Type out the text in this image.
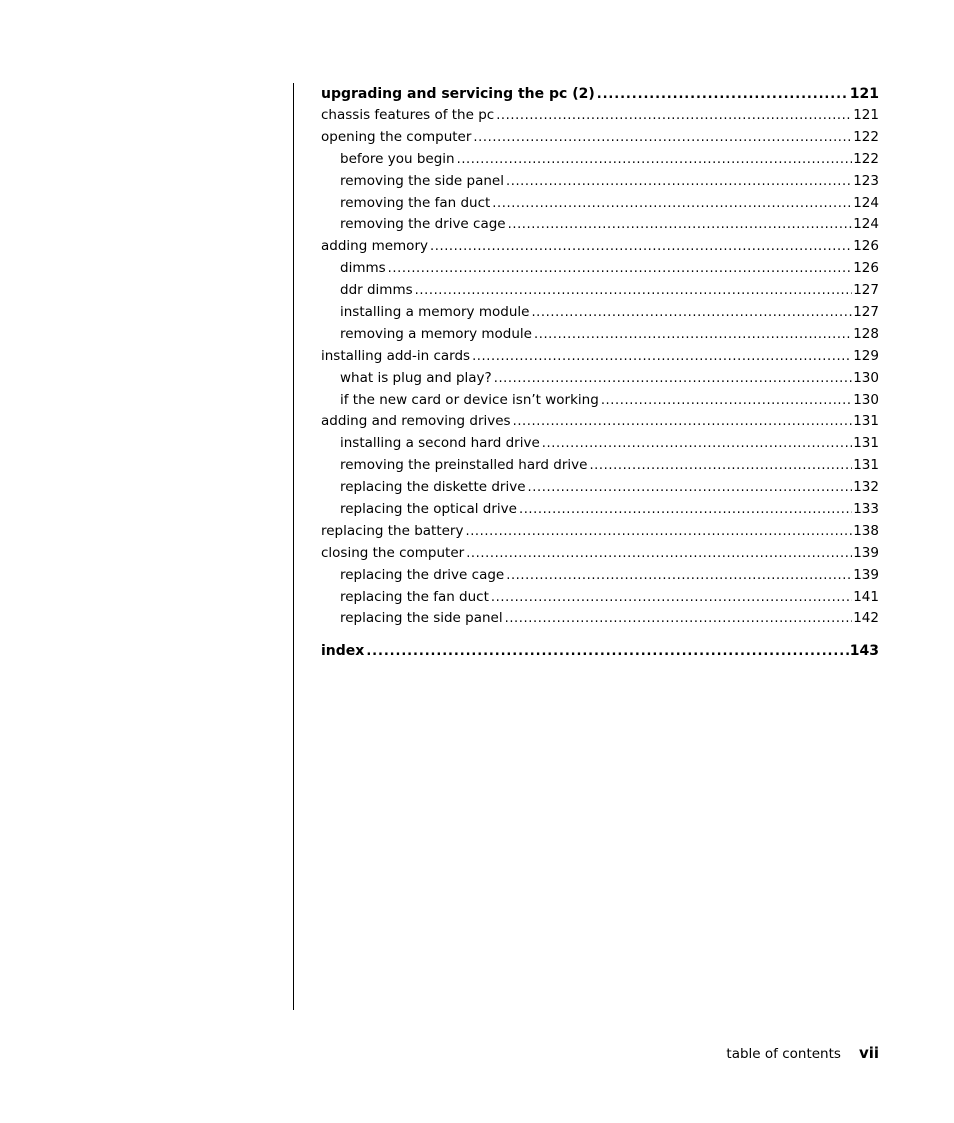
upgrading and servicing the pc (2) .....	121
chassis features of the pc .....	121
opening the computer .....	122
before you begin .....	122
removing the side panel .....	123
removing the fan duct .....	124
removing the drive cage .....	124
adding memory .....	126
dimms .....	126
ddr dimms .....	127
installing a memory module .....	127
removing a memory module .....	128
installing add-in cards .....	129
what is plug and play? .....	130
if the new card or device isn’t working .....	130
adding and removing drives .....	131
installing a second hard drive .....	131
removing the preinstalled hard drive .....	131
replacing the diskette drive .....	132
replacing the optical drive .....	133
replacing the battery .....	138
closing the computer .....	139
replacing the drive cage .....	139
replacing the fan duct .....	141
replacing the side panel .....	142
index .....	143
table of contents vii
